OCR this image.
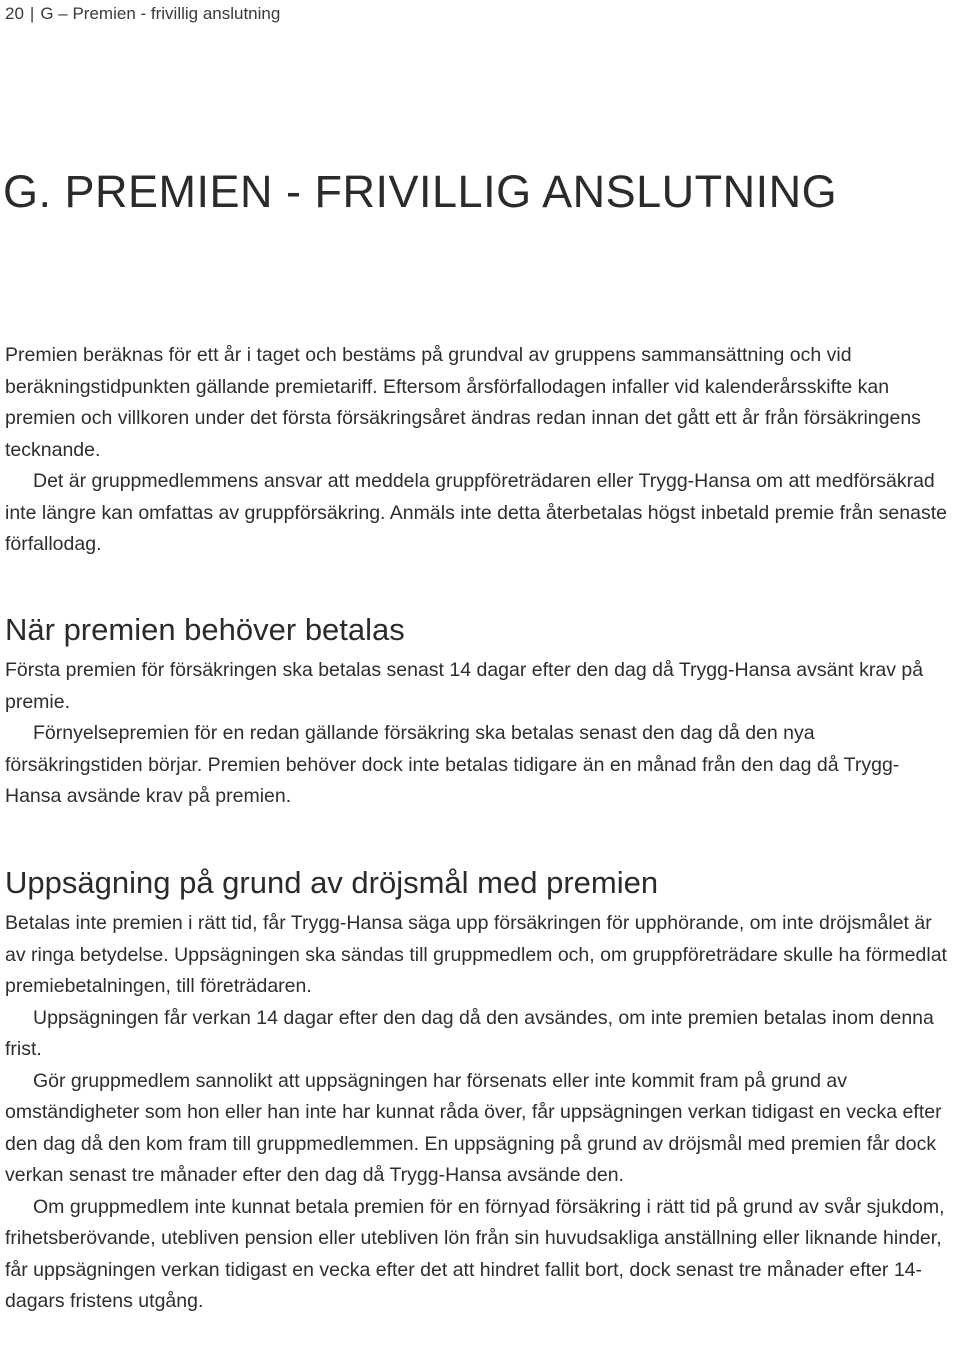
20 | G – Premien - frivillig anslutning
G. PREMIEN - FRIVILLIG ANSLUTNING

Premien beräknas för ett år i taget och bestäms på grundval av gruppens sammansättning och vid beräkningstidpunkten gällande premietariff. Eftersom årsförfallodagen infaller vid kalenderårsskifte kan premien och villkoren under det första försäkringsåret ändras redan innan det gått ett år från försäkringens tecknande.

Det är gruppmedlemmens ansvar att meddela gruppföreträdaren eller Trygg-Hansa om att medförsäkrad inte längre kan omfattas av gruppförsäkring. Anmäls inte detta återbetalas högst inbetald premie från senaste förfallodag.

När premien behöver betalas

Första premien för försäkringen ska betalas senast 14 dagar efter den dag då Trygg-Hansa avsänt krav på premie.

Förnyelsepremien för en redan gällande försäkring ska betalas senast den dag då den nya försäkringstiden börjar. Premien behöver dock inte betalas tidigare än en månad från den dag då Trygg-Hansa avsände krav på premien.

Uppsägning på grund av dröjsmål med premien

Betalas inte premien i rätt tid, får Trygg-Hansa säga upp försäkringen för upphörande, om inte dröjsmålet är av ringa betydelse. Uppsägningen ska sändas till gruppmedlem och, om gruppföreträdare skulle ha förmedlat premiebetalningen, till företrädaren.

Uppsägningen får verkan 14 dagar efter den dag då den avsändes, om inte premien betalas inom denna frist.

Gör gruppmedlem sannolikt att uppsägningen har försenats eller inte kommit fram på grund av omständigheter som hon eller han inte har kunnat råda över, får uppsägningen verkan tidigast en vecka efter den dag då den kom fram till gruppmedlemmen. En uppsägning på grund av dröjsmål med premien får dock verkan senast tre månader efter den dag då Trygg-Hansa avsände den.

Om gruppmedlem inte kunnat betala premien för en förnyad försäkring i rätt tid på grund av svår sjukdom, frihetsberövande, utebliven pension eller utebliven lön från sin huvudsakliga anställning eller liknande hinder, får uppsägningen verkan tidigast en vecka efter det att hindret fallit bort, dock senast tre månader efter 14-dagars fristens utgång.
